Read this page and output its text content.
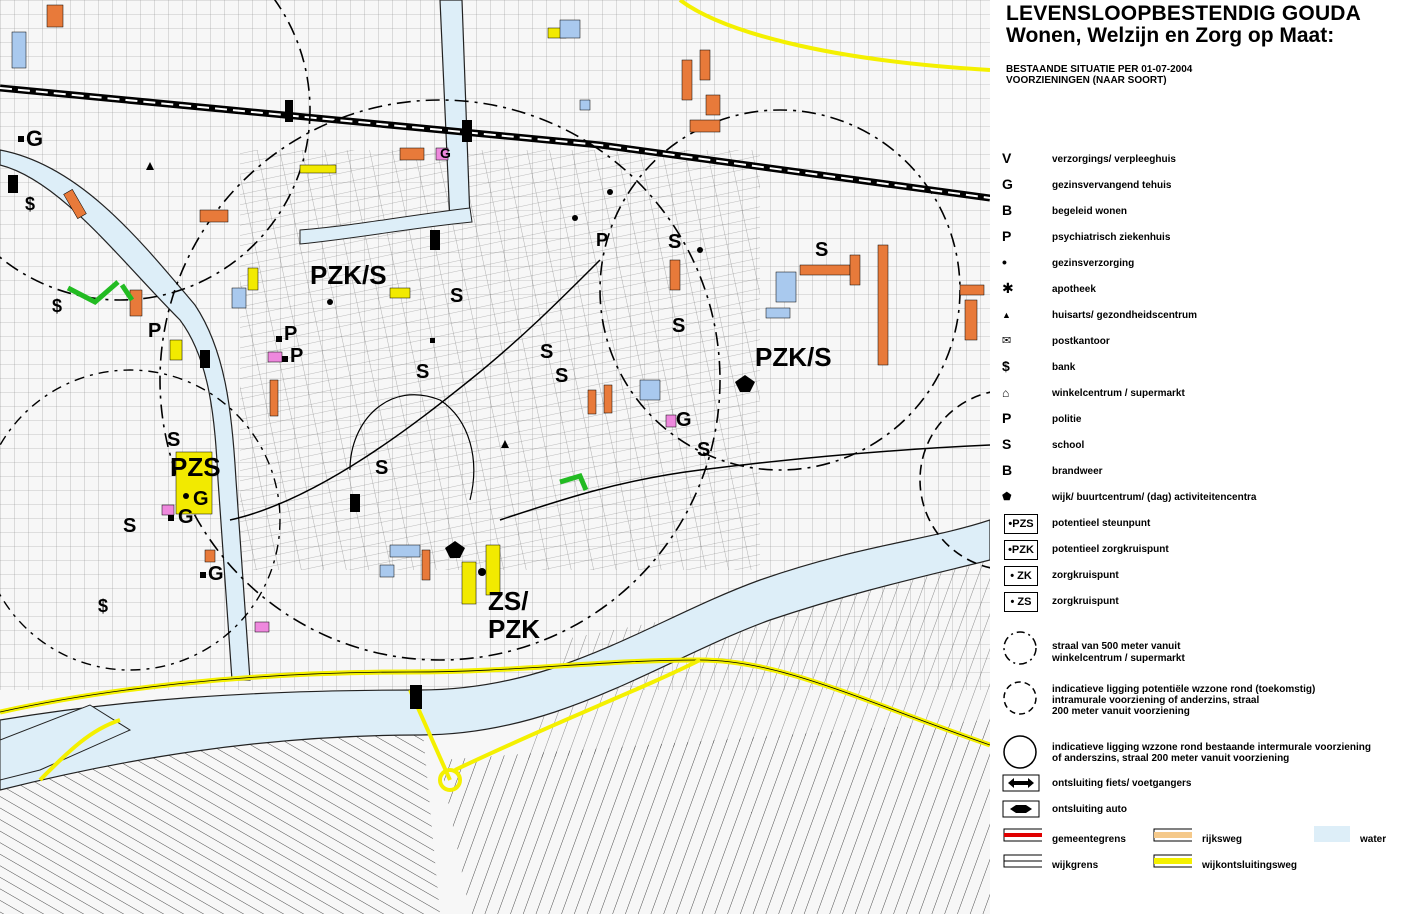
G
G
PZK/S
PZK/S
S	S
S
S
S
S
S
S
S
S
S
P	P
P
P
$
$
$
PZS
G
G
G
G
ZS/
PZK
LEVENSLOOPBESTENDIG GOUDA
Wonen, Welzijn en Zorg op Maat:
BESTAANDE SITUATIE PER 01-07-2004
VOORZIENINGEN (NAAR SOORT)
V	verzorgings/ verpleeghuis
G	gezinsvervangend tehuis
B	begeleid wonen
P	psychiatrisch ziekenhuis
•	gezinsverzorging
✱	apotheek
▲	huisarts/ gezondheidscentrum
✉	postkantoor
$	bank
⌂	winkelcentrum / supermarkt
P	politie
S	school
B	brandweer
⬟	wijk/ buurtcentrum/ (dag) activiteitencentra
•PZS	potentieel steunpunt
•PZK	potentieel zorgkruispunt
• ZK	zorgkruispunt
• ZS	zorgkruispunt
straal van 500 meter vanuit
winkelcentrum / supermarkt
indicatieve ligging potentiële wzzone rond (toekomstig)
intramurale voorziening of anderzins, straal
200 meter vanuit voorziening
indicatieve ligging wzzone rond bestaande intermurale voorziening
of anderszins, straal 200 meter vanuit voorziening
ontsluiting fiets/ voetgangers
ontsluiting auto
gemeentegrens
wijkgrens
rijksweg
wijkontsluitingsweg
water
